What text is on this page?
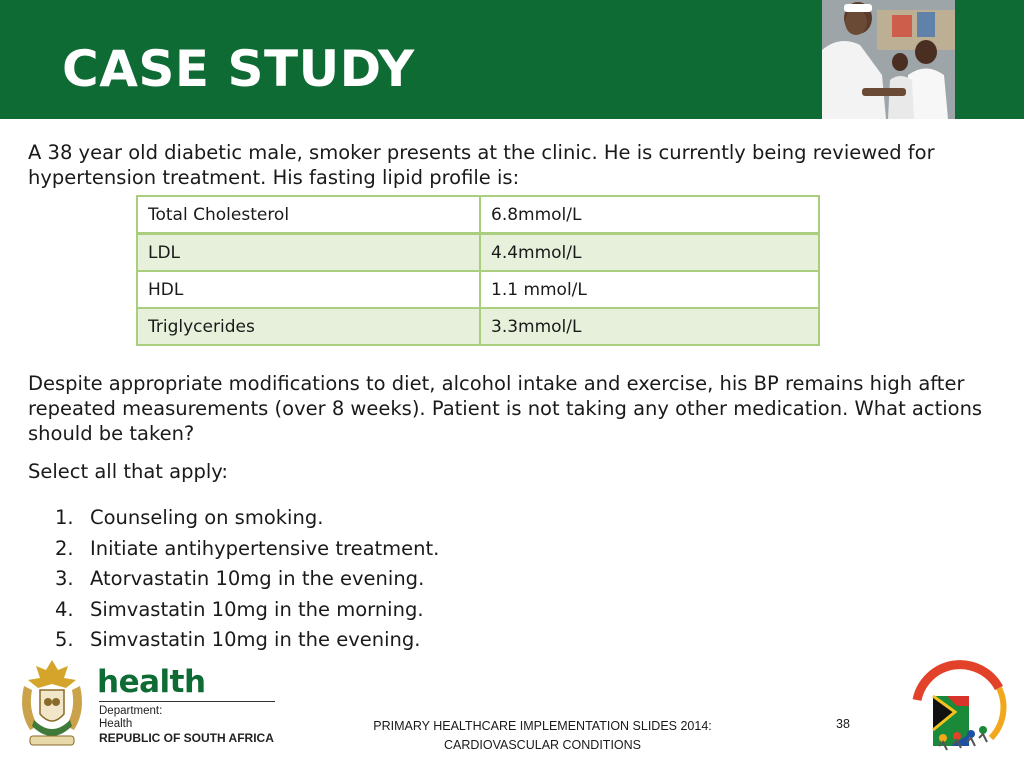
CASE STUDY

A 38 year old diabetic male, smoker presents at the clinic. He is currently being reviewed for hypertension treatment. His fasting lipid profile is:

Total Cholesterol	6.8mmol/L
LDL	4.4mmol/L
HDL	1.1 mmol/L
Triglycerides	3.3mmol/L

Despite appropriate modifications to diet, alcohol intake and exercise, his BP remains high after repeated measurements (over 8 weeks). Patient is not taking any other medication. What actions should be taken?

Select all that apply:

1. Counseling on smoking.
2. Initiate antihypertensive treatment.
3. Atorvastatin 10mg in the evening.
4. Simvastatin 10mg in the morning.
5. Simvastatin 10mg in the evening.
health
Department:
Health
REPUBLIC OF SOUTH AFRICA
PRIMARY HEALTHCARE IMPLEMENTATION SLIDES 2014:
CARDIOVASCULAR CONDITIONS
38
